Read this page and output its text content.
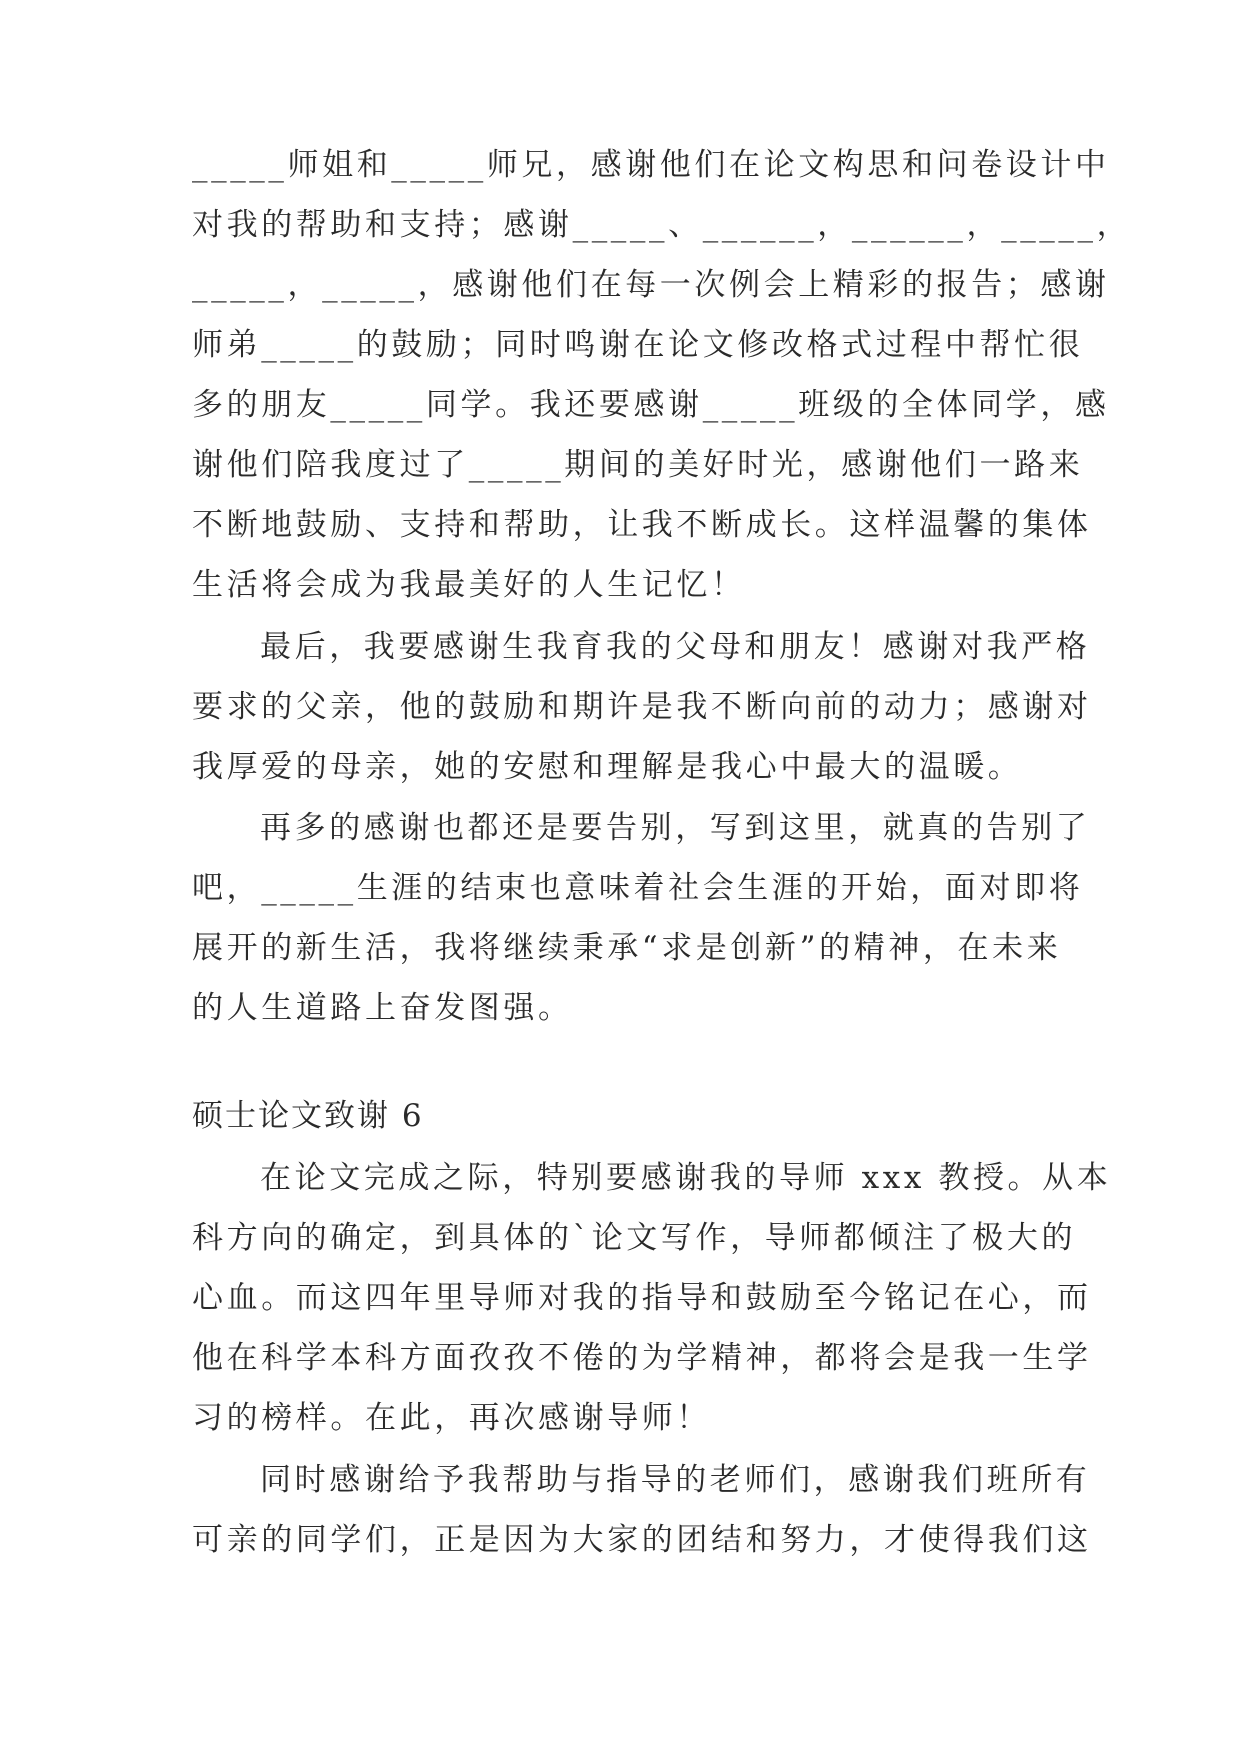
_____师姐和_____师兄，感谢他们在论文构思和问卷设计中
对我的帮助和支持；感谢_____、______，______，_____，
_____，_____，感谢他们在每一次例会上精彩的报告；感谢
师弟_____的鼓励；同时鸣谢在论文修改格式过程中帮忙很
多的朋友_____同学。我还要感谢_____班级的全体同学，感
谢他们陪我度过了_____期间的美好时光，感谢他们一路来
不断地鼓励、支持和帮助，让我不断成长。这样温馨的集体
生活将会成为我最美好的人生记忆！
最后，我要感谢生我育我的父母和朋友！感谢对我严格
要求的父亲，他的鼓励和期许是我不断向前的动力；感谢对
我厚爱的母亲，她的安慰和理解是我心中最大的温暖。
再多的感谢也都还是要告别，写到这里，就真的告别了
吧，_____生涯的结束也意味着社会生涯的开始，面对即将
展开的新生活，我将继续秉承“求是创新”的精神，在未来
的人生道路上奋发图强。
硕士论文致谢 6
在论文完成之际，特别要感谢我的导师 xxx 教授。从本
科方向的确定，到具体的`论文写作，导师都倾注了极大的
心血。而这四年里导师对我的指导和鼓励至今铭记在心，而
他在科学本科方面孜孜不倦的为学精神，都将会是我一生学
习的榜样。在此，再次感谢导师！
同时感谢给予我帮助与指导的老师们，感谢我们班所有
可亲的同学们，正是因为大家的团结和努力，才使得我们这
